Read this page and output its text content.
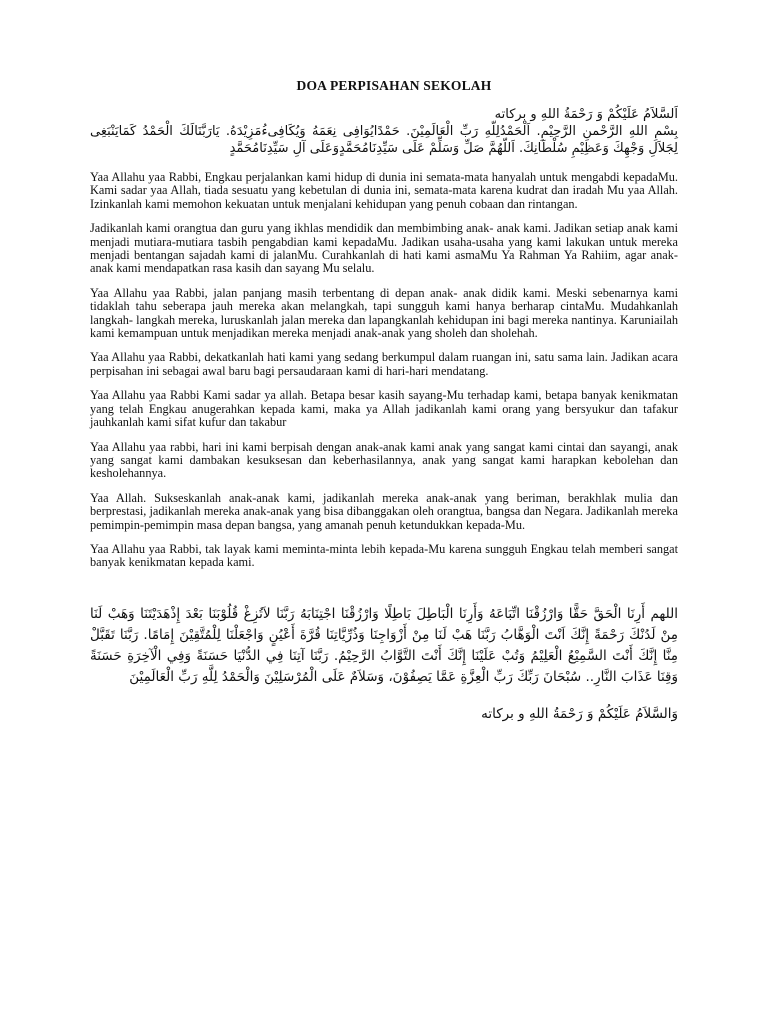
DOA PERPISAHAN SEKOLAH

اَلسَّلاَمُ عَلَيْكُمْ وَ رَحْمَةُ اللهِ و بركاته

بِسْمِ اللهِ الرَّحْمنِ الرَّحِيْمِ. اَلْحَمْدُلِلّهِ رَبِّ الْعَالَمِيْنَ. حَمْدًايُوَافِى نِعَمَهُ وَيُكَافِىءُمَزِيْدَهُ. يَارَبَّنَالَكَ الْحَمْدُ كَمَايَنْبَغِى لِجَلاَلِ وَجْهِكَ وَعَظِيْمِ سُلْطَانِكَ. اَللّهُمَّ صَلِّ وَسَلِّمْ عَلَى سَيِّدِنَامُحَمَّدٍوَعَلَى آلِ سَيِّدِنَامُحَمَّدٍ

Yaa Allahu yaa Rabbi, Engkau perjalankan kami hidup di dunia ini semata-mata hanyalah untuk mengabdi kepadaMu. Kami sadar yaa Allah, tiada sesuatu yang kebetulan di dunia ini, semata-mata karena kudrat dan iradah Mu yaa Allah. Izinkanlah kami memohon kekuatan untuk menjalani kehidupan yang penuh cobaan dan rintangan.

Jadikanlah kami orangtua dan guru yang ikhlas mendidik dan membimbing anak- anak kami. Jadikan setiap anak kami menjadi mutiara-mutiara tasbih pengabdian kami kepadaMu. Jadikan usaha-usaha yang kami lakukan untuk mereka menjadi bentangan sajadah kami di jalanMu. Curahkanlah di hati kami asmaMu Ya Rahman Ya Rahiim, agar anak-anak kami mendapatkan rasa kasih dan sayang Mu selalu.

Yaa Allahu yaa Rabbi, jalan panjang masih terbentang di depan anak- anak didik kami. Meski sebenarnya kami tidaklah tahu seberapa jauh mereka akan melangkah, tapi sungguh kami hanya berharap cintaMu. Mudahkanlah langkah- langkah mereka, luruskanlah jalan mereka dan lapangkanlah kehidupan ini bagi mereka nantinya. Karuniailah kami kemampuan untuk menjadikan mereka menjadi anak-anak yang sholeh dan sholehah.

Yaa Allahu yaa Rabbi, dekatkanlah hati kami yang sedang berkumpul dalam ruangan ini, satu sama lain. Jadikan acara perpisahan ini sebagai awal baru bagi persaudaraan kami di hari-hari mendatang.

Yaa Allahu yaa Rabbi Kami sadar ya allah. Betapa besar kasih sayang-Mu terhadap kami, betapa banyak kenikmatan yang telah Engkau anugerahkan kepada kami, maka ya Allah jadikanlah kami orang yang bersyukur dan tafakur jauhkanlah kami sifat kufur dan takabur

Yaa Allahu yaa rabbi, hari ini kami berpisah dengan anak-anak kami anak yang sangat kami cintai dan sayangi, anak yang sangat kami dambakan kesuksesan dan keberhasilannya, anak yang sangat kami harapkan kebolehan dan kesholehannya.

Yaa Allah. Sukseskanlah anak-anak kami, jadikanlah mereka anak-anak yang beriman, berakhlak mulia dan berprestasi, jadikanlah mereka anak-anak yang bisa dibanggakan oleh orangtua, bangsa dan Negara. Jadikanlah mereka pemimpin-pemimpin masa depan bangsa, yang amanah penuh ketundukkan kepada-Mu.

Yaa Allahu yaa Rabbi, tak layak kami meminta-minta lebih kepada-Mu karena sungguh Engkau telah memberi sangat banyak kenikmatan kepada kami.

اللهم أَرِنَا الْحَقَّ حَقًّا وَارْزُقْنَا اتِّبَاعَهُ وَأَرِنَا الْبَاطِلَ بَاطِلًا وَارْزُقْنَا اجْتِنَابَهُ رَبَّنَا لاَتُزِغْ قُلُوْبَنَا بَعْدَ إِذْهَدَيْتَنَا وَهَبْ لَنَا مِنْ لَدُنْكَ رَحْمَةً إِنَّكَ اَنْتَ الْوَهَّابُ رَبَّنَا هَبْ لَنَا مِنْ أَزْوَاجِنَا وَذُرِّيَّاتِنَا قُرَّةَ أَعْيُنٍ وَاجْعَلْنَا لِلْمُتَّقِيْنَ إِمَامًا. رَبَّنَا تَقَبَّلْ مِنَّا إِنَّكَ أَنْتَ السَّمِيْعُ الْعَلِيْمُ وَتُبْ عَلَيْنَا إِنَّكَ أَنْتَ التَّوَّابُ الرَّحِيْمُ. رَبَّنَا آتِنَا فِي الدُّنْيَا حَسَنَةً وَفِي الْآخِرَةِ حَسَنَةً وَقِنَا عَذَابَ النَّارِ.. سُبْحَانَ رَبِّكَ رَبِّ الْعِزَّةِ عَمَّا يَصِفُوْنَ، وَسَلاَمٌ عَلَى الْمُرْسَلِيْنَ وَالْحَمْدُ لِلَّهِ رَبِّ الْعَالَمِيْنَ

وَالسَّلاَمُ عَلَيْكُمْ وَ رَحْمَةُ اللهِ و بركاته
